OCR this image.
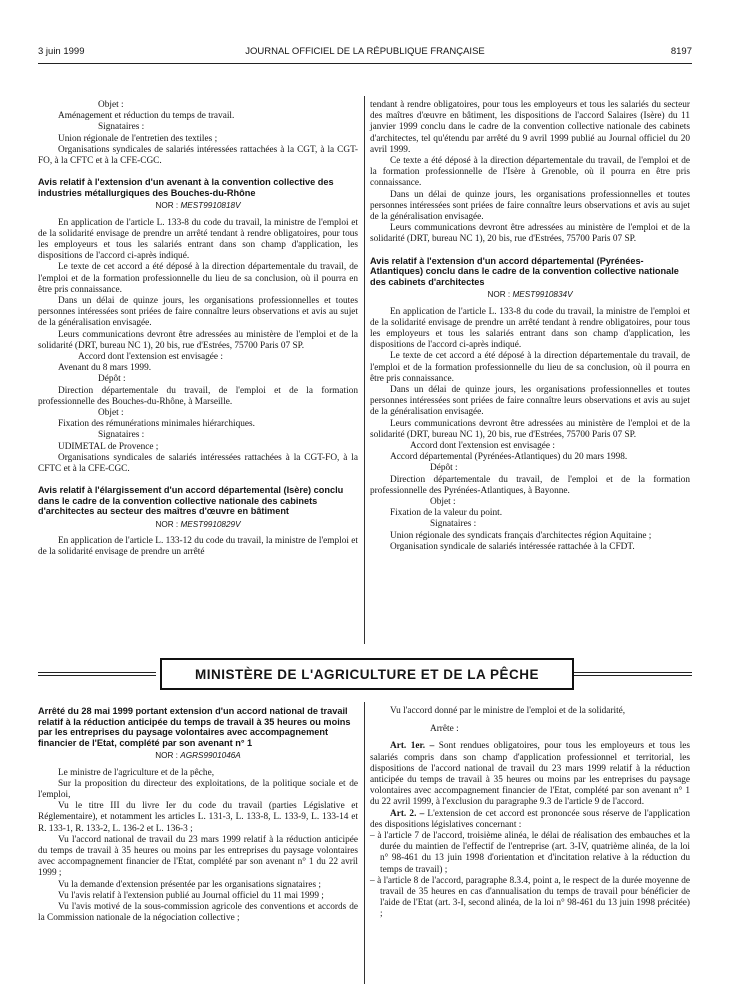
3 juin 1999	JOURNAL OFFICIEL DE LA RÉPUBLIQUE FRANÇAISE	8197

Objet :

Aménagement et réduction du temps de travail.

Signataires :

Union régionale de l'entretien des textiles ;

Organisations syndicales de salariés intéressées rattachées à la CGT, à la CGT-FO, à la CFTC et à la CFE-CGC.

Avis relatif à l'extension d'un avenant à la convention collective des industries métallurgiques des Bouches-du-Rhône

NOR : MEST9910818V

En application de l'article L. 133-8 du code du travail, la ministre de l'emploi et de la solidarité envisage de prendre un arrêté tendant à rendre obligatoires, pour tous les employeurs et tous les salariés entrant dans son champ d'application, les dispositions de l'accord ci-après indiqué.

Le texte de cet accord a été déposé à la direction départementale du travail, de l'emploi et de la formation professionnelle du lieu de sa conclusion, où il pourra en être pris connaissance.

Dans un délai de quinze jours, les organisations professionnelles et toutes personnes intéressées sont priées de faire connaître leurs observations et avis au sujet de la généralisation envisagée.

Leurs communications devront être adressées au ministère de l'emploi et de la solidarité (DRT, bureau NC 1), 20 bis, rue d'Estrées, 75700 Paris 07 SP.

Accord dont l'extension est envisagée :

Avenant du 8 mars 1999.

Dépôt :

Direction départementale du travail, de l'emploi et de la formation professionnelle des Bouches-du-Rhône, à Marseille.

Objet :

Fixation des rémunérations minimales hiérarchiques.

Signataires :

UDIMETAL de Provence ;

Organisations syndicales de salariés intéressées rattachées à la CGT-FO, à la CFTC et à la CFE-CGC.

Avis relatif à l'élargissement d'un accord départemental (Isère) conclu dans le cadre de la convention collective nationale des cabinets d'architectes au secteur des maîtres d'œuvre en bâtiment

NOR : MEST9910829V

En application de l'article L. 133-12 du code du travail, la ministre de l'emploi et de la solidarité envisage de prendre un arrêté

tendant à rendre obligatoires, pour tous les employeurs et tous les salariés du secteur des maîtres d'œuvre en bâtiment, les dispositions de l'accord Salaires (Isère) du 11 janvier 1999 conclu dans le cadre de la convention collective nationale des cabinets d'architectes, tel qu'étendu par arrêté du 9 avril 1999 publié au Journal officiel du 20 avril 1999.

Ce texte a été déposé à la direction départementale du travail, de l'emploi et de la formation professionnelle de l'Isère à Grenoble, où il pourra en être pris connaissance.

Dans un délai de quinze jours, les organisations professionnelles et toutes personnes intéressées sont priées de faire connaître leurs observations et avis au sujet de la généralisation envisagée.

Leurs communications devront être adressées au ministère de l'emploi et de la solidarité (DRT, bureau NC 1), 20 bis, rue d'Estrées, 75700 Paris 07 SP.

Avis relatif à l'extension d'un accord départemental (Pyrénées-Atlantiques) conclu dans le cadre de la convention collective nationale des cabinets d'architectes

NOR : MEST9910834V

En application de l'article L. 133-8 du code du travail, la ministre de l'emploi et de la solidarité envisage de prendre un arrêté tendant à rendre obligatoires, pour tous les employeurs et tous les salariés entrant dans son champ d'application, les dispositions de l'accord ci-après indiqué.

Le texte de cet accord a été déposé à la direction départementale du travail, de l'emploi et de la formation professionnelle du lieu de sa conclusion, où il pourra en être pris connaissance.

Dans un délai de quinze jours, les organisations professionnelles et toutes personnes intéressées sont priées de faire connaître leurs observations et avis au sujet de la généralisation envisagée.

Leurs communications devront être adressées au ministère de l'emploi et de la solidarité (DRT, bureau NC 1), 20 bis, rue d'Estrées, 75700 Paris 07 SP.

Accord dont l'extension est envisagée :

Accord départemental (Pyrénées-Atlantiques) du 20 mars 1998.

Dépôt :

Direction départementale du travail, de l'emploi et de la formation professionnelle des Pyrénées-Atlantiques, à Bayonne.

Objet :

Fixation de la valeur du point.

Signataires :

Union régionale des syndicats français d'architectes région Aquitaine ;

Organisation syndicale de salariés intéressée rattachée à la CFDT.

MINISTÈRE DE L'AGRICULTURE ET DE LA PÊCHE

Arrêté du 28 mai 1999 portant extension d'un accord national de travail relatif à la réduction anticipée du temps de travail à 35 heures ou moins par les entreprises du paysage volontaires avec accompagnement financier de l'Etat, complété par son avenant n° 1

NOR : AGRS9901046A

Le ministre de l'agriculture et de la pêche,

Sur la proposition du directeur des exploitations, de la politique sociale et de l'emploi,

Vu le titre III du livre Ier du code du travail (parties Législative et Réglementaire), et notamment les articles L. 131-3, L. 133-8, L. 133-9, L. 133-14 et R. 133-1, R. 133-2, L. 136-2 et L. 136-3 ;

Vu l'accord national de travail du 23 mars 1999 relatif à la réduction anticipée du temps de travail à 35 heures ou moins par les entreprises du paysage volontaires avec accompagnement financier de l'Etat, complété par son avenant n° 1 du 22 avril 1999 ;

Vu la demande d'extension présentée par les organisations signataires ;

Vu l'avis relatif à l'extension publié au Journal officiel du 11 mai 1999 ;

Vu l'avis motivé de la sous-commission agricole des conventions et accords de la Commission nationale de la négociation collective ;

Vu l'accord donné par le ministre de l'emploi et de la solidarité,

Arrête :

Art. 1er. – Sont rendues obligatoires, pour tous les employeurs et tous les salariés compris dans son champ d'application professionnel et territorial, les dispositions de l'accord national de travail du 23 mars 1999 relatif à la réduction anticipée du temps de travail à 35 heures ou moins par les entreprises du paysage volontaires avec accompagnement financier de l'Etat, complété par son avenant n° 1 du 22 avril 1999, à l'exclusion du paragraphe 9.3 de l'article 9 de l'accord.

Art. 2. – L'extension de cet accord est prononcée sous réserve de l'application des dispositions législatives concernant :

– à l'article 7 de l'accord, troisième alinéa, le délai de réalisation des embauches et la durée du maintien de l'effectif de l'entreprise (art. 3-IV, quatrième alinéa, de la loi n° 98-461 du 13 juin 1998 d'orientation et d'incitation relative à la réduction du temps de travail) ;

– à l'article 8 de l'accord, paragraphe 8.3.4, point a, le respect de la durée moyenne de travail de 35 heures en cas d'annualisation du temps de travail pour bénéficier de l'aide de l'Etat (art. 3-I, second alinéa, de la loi n° 98-461 du 13 juin 1998 précitée) ;
